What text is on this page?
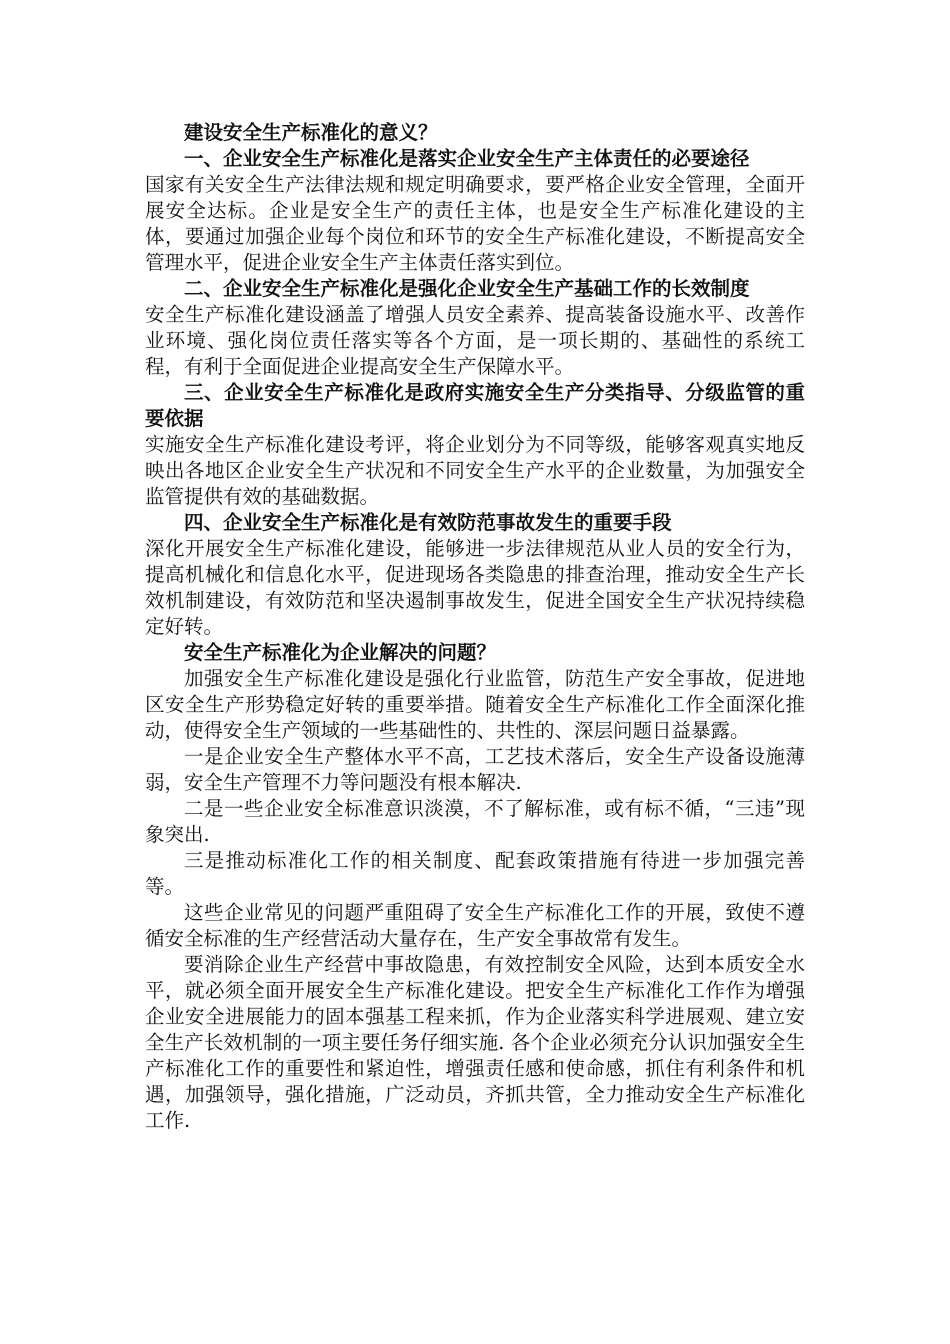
建设安全生产标准化的意义？

一、企业安全生产标准化是落实企业安全生产主体责任的必要途径

国家有关安全生产法律法规和规定明确要求，要严格企业安全管理，全面开展安全达标。企业是安全生产的责任主体，也是安全生产标准化建设的主体，要通过加强企业每个岗位和环节的安全生产标准化建设，不断提高安全管理水平，促进企业安全生产主体责任落实到位。

二、企业安全生产标准化是强化企业安全生产基础工作的长效制度

安全生产标准化建设涵盖了增强人员安全素养、提高装备设施水平、改善作业环境、强化岗位责任落实等各个方面，是一项长期的、基础性的系统工程，有利于全面促进企业提高安全生产保障水平。

三、企业安全生产标准化是政府实施安全生产分类指导、分级监管的重要依据

实施安全生产标准化建设考评，将企业划分为不同等级，能够客观真实地反映出各地区企业安全生产状况和不同安全生产水平的企业数量，为加强安全监管提供有效的基础数据。

四、企业安全生产标准化是有效防范事故发生的重要手段

深化开展安全生产标准化建设，能够进一步法律规范从业人员的安全行为，提高机械化和信息化水平，促进现场各类隐患的排查治理，推动安全生产长效机制建设，有效防范和坚决遏制事故发生，促进全国安全生产状况持续稳定好转。

安全生产标准化为企业解决的问题？

加强安全生产标准化建设是强化行业监管，防范生产安全事故，促进地区安全生产形势稳定好转的重要举措。随着安全生产标准化工作全面深化推动，使得安全生产领域的一些基础性的、共性的、深层问题日益暴露。

一是企业安全生产整体水平不高，工艺技术落后，安全生产设备设施薄弱，安全生产管理不力等问题没有根本解决.

二是一些企业安全标准意识淡漠，不了解标准，或有标不循，“三违”现象突出.

三是推动标准化工作的相关制度、配套政策措施有待进一步加强完善等。

这些企业常见的问题严重阻碍了安全生产标准化工作的开展，致使不遵循安全标准的生产经营活动大量存在，生产安全事故常有发生。

要消除企业生产经营中事故隐患，有效控制安全风险，达到本质安全水平，就必须全面开展安全生产标准化建设。把安全生产标准化工作作为增强企业安全进展能力的固本强基工程来抓，作为企业落实科学进展观、建立安全生产长效机制的一项主要任务仔细实施. 各个企业必须充分认识加强安全生产标准化工作的重要性和紧迫性，增强责任感和使命感，抓住有利条件和机遇，加强领导，强化措施，广泛动员，齐抓共管，全力推动安全生产标准化工作.
